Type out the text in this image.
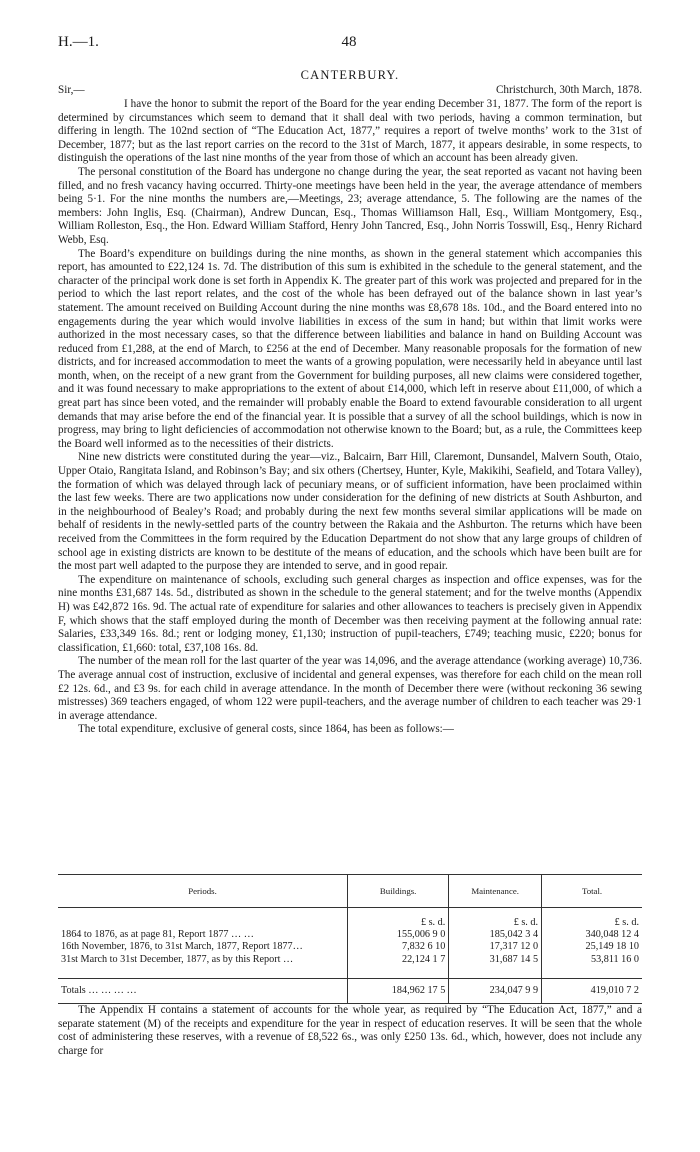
H.—1.	48
CANTERBURY.
Sir,—	Christchurch, 30th March, 1878.

I have the honor to submit the report of the Board for the year ending December 31, 1877. The form of the report is determined by circumstances which seem to demand that it shall deal with two periods, having a common termination, but differing in length. The 102nd section of “The Education Act, 1877,” requires a report of twelve months’ work to the 31st of December, 1877; but as the last report carries on the record to the 31st of March, 1877, it appears desirable, in some respects, to distinguish the operations of the last nine months of the year from those of which an account has been already given.

The personal constitution of the Board has undergone no change during the year, the seat reported as vacant not having been filled, and no fresh vacancy having occurred. Thirty-one meetings have been held in the year, the average attendance of members being 5·1. For the nine months the numbers are,—Meetings, 23; average attendance, 5. The following are the names of the members: John Inglis, Esq. (Chairman), Andrew Duncan, Esq., Thomas Williamson Hall, Esq., William Montgomery, Esq., William Rolleston, Esq., the Hon. Edward William Stafford, Henry John Tancred, Esq., John Norris Tosswill, Esq., Henry Richard Webb, Esq.

The Board’s expenditure on buildings during the nine months, as shown in the general statement which accompanies this report, has amounted to £22,124 1s. 7d. The distribution of this sum is exhibited in the schedule to the general statement, and the character of the principal work done is set forth in Appendix K. The greater part of this work was projected and prepared for in the period to which the last report relates, and the cost of the whole has been defrayed out of the balance shown in last year’s statement. The amount received on Building Account during the nine months was £8,678 18s. 10d., and the Board entered into no engagements during the year which would involve liabilities in excess of the sum in hand; but within that limit works were authorized in the most necessary cases, so that the difference between liabilities and balance in hand on Building Account was reduced from £1,288, at the end of March, to £256 at the end of December. Many reasonable proposals for the formation of new districts, and for increased accommodation to meet the wants of a growing population, were necessarily held in abeyance until last month, when, on the receipt of a new grant from the Government for building purposes, all new claims were considered together, and it was found necessary to make appropriations to the extent of about £14,000, which left in reserve about £11,000, of which a great part has since been voted, and the remainder will probably enable the Board to extend favourable consideration to all urgent demands that may arise before the end of the financial year. It is possible that a survey of all the school buildings, which is now in progress, may bring to light deficiencies of accommodation not otherwise known to the Board; but, as a rule, the Committees keep the Board well informed as to the necessities of their districts.

Nine new districts were constituted during the year—viz., Balcairn, Barr Hill, Claremont, Dunsandel, Malvern South, Otaio, Upper Otaio, Rangitata Island, and Robinson’s Bay; and six others (Chertsey, Hunter, Kyle, Makikihi, Seafield, and Totara Valley), the formation of which was delayed through lack of pecuniary means, or of sufficient information, have been proclaimed within the last few weeks. There are two applications now under consideration for the defining of new districts at South Ashburton, and in the neighbourhood of Bealey’s Road; and probably during the next few months several similar applications will be made on behalf of residents in the newly-settled parts of the country between the Rakaia and the Ashburton. The returns which have been received from the Committees in the form required by the Education Department do not show that any large groups of children of school age in existing districts are known to be destitute of the means of education, and the schools which have been built are for the most part well adapted to the purpose they are intended to serve, and in good repair.

The expenditure on maintenance of schools, excluding such general charges as inspection and office expenses, was for the nine months £31,687 14s. 5d., distributed as shown in the schedule to the general statement; and for the twelve months (Appendix H) was £42,872 16s. 9d. The actual rate of expenditure for salaries and other allowances to teachers is precisely given in Appendix F, which shows that the staff employed during the month of December was then receiving payment at the following annual rate: Salaries, £33,349 16s. 8d.; rent or lodging money, £1,130; instruction of pupil-teachers, £749; teaching music, £220; bonus for classification, £1,660: total, £37,108 16s. 8d.

The number of the mean roll for the last quarter of the year was 14,096, and the average attendance (working average) 10,736. The average annual cost of instruction, exclusive of incidental and general expenses, was therefore for each child on the mean roll £2 12s. 6d., and £3 9s. for each child in average attendance. In the month of December there were (without reckoning 36 sewing mistresses) 369 teachers engaged, of whom 122 were pupil-teachers, and the average number of children to each teacher was 29·1 in average attendance.

The total expenditure, exclusive of general costs, since 1864, has been as follows:—

Periods.	Buildings.	Maintenance.	Total.
	£ s. d.	£ s. d.	£ s. d.
1864 to 1876, as at page 81, Report 1877 … …	155,006 9 0	185,042 3 4	340,048 12 4
16th November, 1876, to 31st March, 1877, Report 1877…	7,832 6 10	17,317 12 0	25,149 18 10
31st March to 31st December, 1877, as by this Report …	22,124 1 7	31,687 14 5	53,811 16 0

Totals … … … …	184,962 17 5	234,047 9 9	419,010 7 2

The Appendix H contains a statement of accounts for the whole year, as required by “The Education Act, 1877,” and a separate statement (M) of the receipts and expenditure for the year in respect of education reserves. It will be seen that the whole cost of administering these reserves, with a revenue of £8,522 6s., was only £250 13s. 6d., which, however, does not include any charge for
